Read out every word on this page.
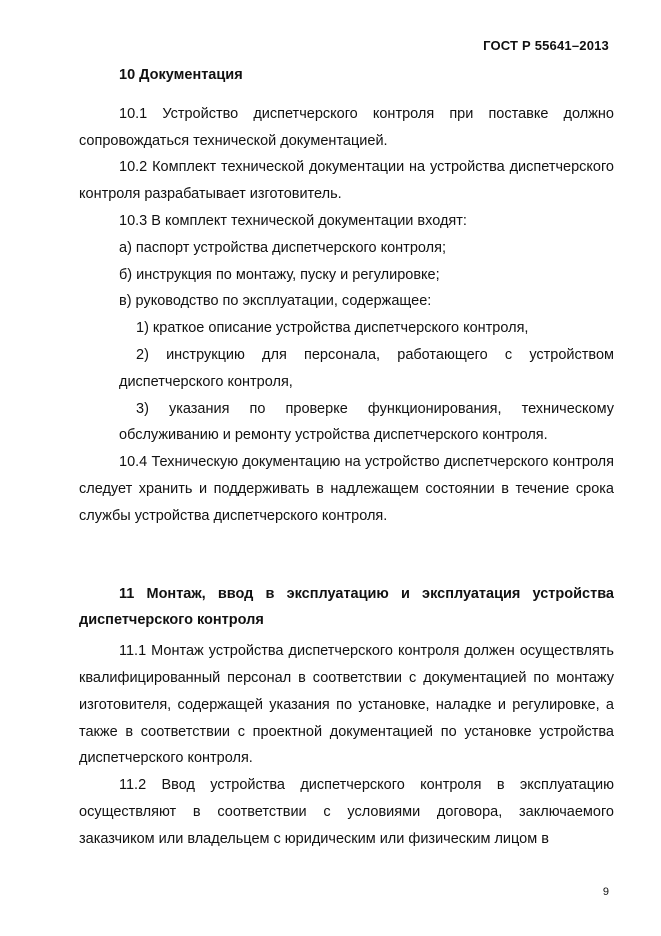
ГОСТ Р 55641–2013
10 Документация

10.1 Устройство диспетчерского контроля при поставке должно сопровождаться технической документацией.

10.2 Комплект технической документации на устройства диспетчерского контроля разрабатывает изготовитель.

10.3 В комплект технической документации входят:

а) паспорт устройства диспетчерского контроля;

б) инструкция по монтажу, пуску и регулировке;

в) руководство по эксплуатации, содержащее:

1) краткое описание устройства диспетчерского контроля,

2) инструкцию для персонала, работающего с устройством диспетчерского контроля,

3) указания по проверке функционирования, техническому обслуживанию и ремонту устройства диспетчерского контроля.

10.4 Техническую документацию на устройство диспетчерского контроля следует хранить и поддерживать в надлежащем состоянии в течение срока службы устройства диспетчерского контроля.

11 Монтаж, ввод в эксплуатацию и эксплуатация устройства диспетчерского контроля

11.1 Монтаж устройства диспетчерского контроля должен осуществлять квалифицированный персонал в соответствии с документацией по монтажу изготовителя, содержащей указания по установке, наладке и регулировке, а также в соответствии с проектной документацией по установке устройства диспетчерского контроля.

11.2 Ввод устройства диспетчерского контроля в эксплуатацию осуществляют в соответствии с условиями договора, заключаемого заказчиком или владельцем с юридическим или физическим лицом в

9
